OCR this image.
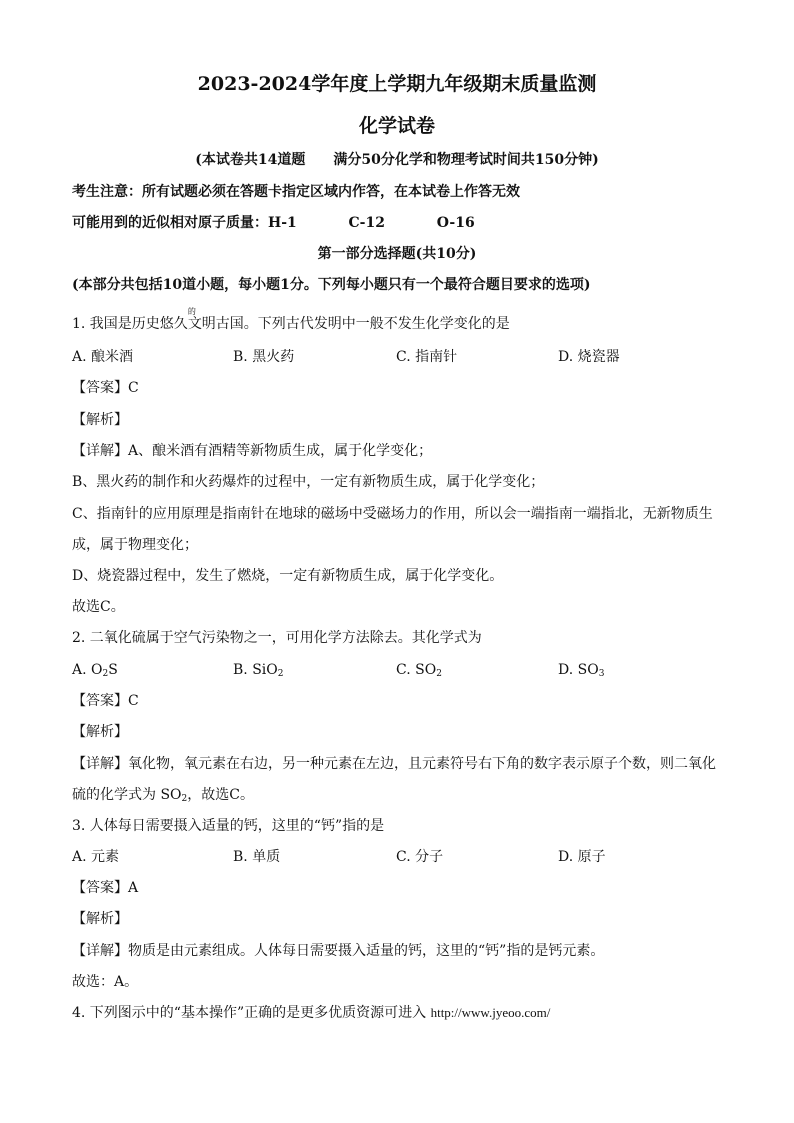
2023-2024学年度上学期九年级期末质量监测
化学试卷
(本试卷共14道题　　满分50分化学和物理考试时间共150分钟)
考生注意：所有试题必须在答题卡指定区域内作答，在本试卷上作答无效
可能用到的近似相对原子质量：H-1	C-12	O-16
第一部分选择题(共10分)
(本部分共包括10道小题，每小题1分。下列每小题只有一个最符合题目要求的选项)
1. 我国是历史悠久
的
文明古国。下列古代发明中一般不发生化学变化的是
A. 酿米酒	B. 黑火药	C. 指南针	D. 烧瓷器
【答案】C
【解析】
【详解】A、酿米酒有酒精等新物质生成，属于化学变化；
B、黑火药的制作和火药爆炸的过程中，一定有新物质生成，属于化学变化；
C、指南针的应用原理是指南针在地球的磁场中受磁场力的作用，所以会一端指南一端指北，无新物质生
成，属于物理变化；
D、烧瓷器过程中，发生了燃烧，一定有新物质生成，属于化学变化。
故选C。
2. 二氧化硫属于空气污染物之一，可用化学方法除去。其化学式为
A. $O_2S$	B. SiO$_2$	C. $SO_2$	D. $SO_3$
【答案】C
【解析】
【详解】氧化物，氧元素在右边，另一种元素在左边，且元素符号右下角的数字表示原子个数，则二氧化
硫的化学式为 $SO_2$，故选C。
3. 人体每日需要摄入适量的钙，这里的“钙”指的是
A. 元素	B. 单质	C. 分子	D. 原子
【答案】A
【解析】
【详解】物质是由元素组成。人体每日需要摄入适量的钙，这里的“钙”指的是钙元素。
故选：A。
4. 下列图示中的“基本操作”正确的是更多优质资源可进入 http://www.jyeoo.com/
